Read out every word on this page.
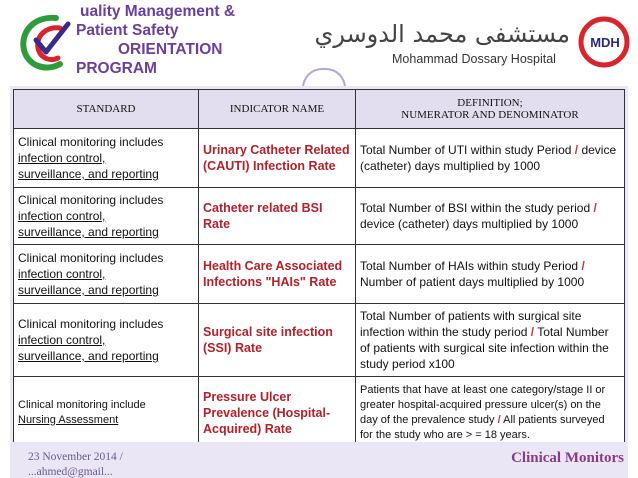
uality Management &
Patient Safety
ORIENTATION
PROGRAM
مستشفى محمد الدوسري
Mohammad Dossary Hospital
MDH
STANDARD	INDICATOR NAME	DEFINITION;
NUMERATOR AND DENOMINATOR

Clinical monitoring includes
infection control,
surveillance, and reporting	Urinary Catheter Related (CAUTI) Infection Rate	Total Number of UTI within study Period / device (catheter) days multiplied by 1000

Clinical monitoring includes
infection control,
surveillance, and reporting	Catheter related BSI Rate	Total Number of BSI within the study period / device (catheter) days multiplied by 1000

Clinical monitoring includes
infection control,
surveillance, and reporting	Health Care Associated Infections "HAIs" Rate	Total Number of HAIs within study Period / Number of patient days multiplied by 1000

Clinical monitoring includes
infection control,
surveillance, and reporting	Surgical site infection (SSI) Rate	Total Number of patients with surgical site infection within the study period / Total Number of patients with surgical site infection within the study period x100

Clinical monitoring include
Nursing Assessment	Pressure Ulcer Prevalence (Hospital-Acquired) Rate	Patients that have at least one category/stage II or greater hospital-acquired pressure ulcer(s) on the day of the prevalence study / All patients surveyed for the study who are > = 18 years.
23 November 2014 /
...ahmed@gmail...
Clinical Monitors
